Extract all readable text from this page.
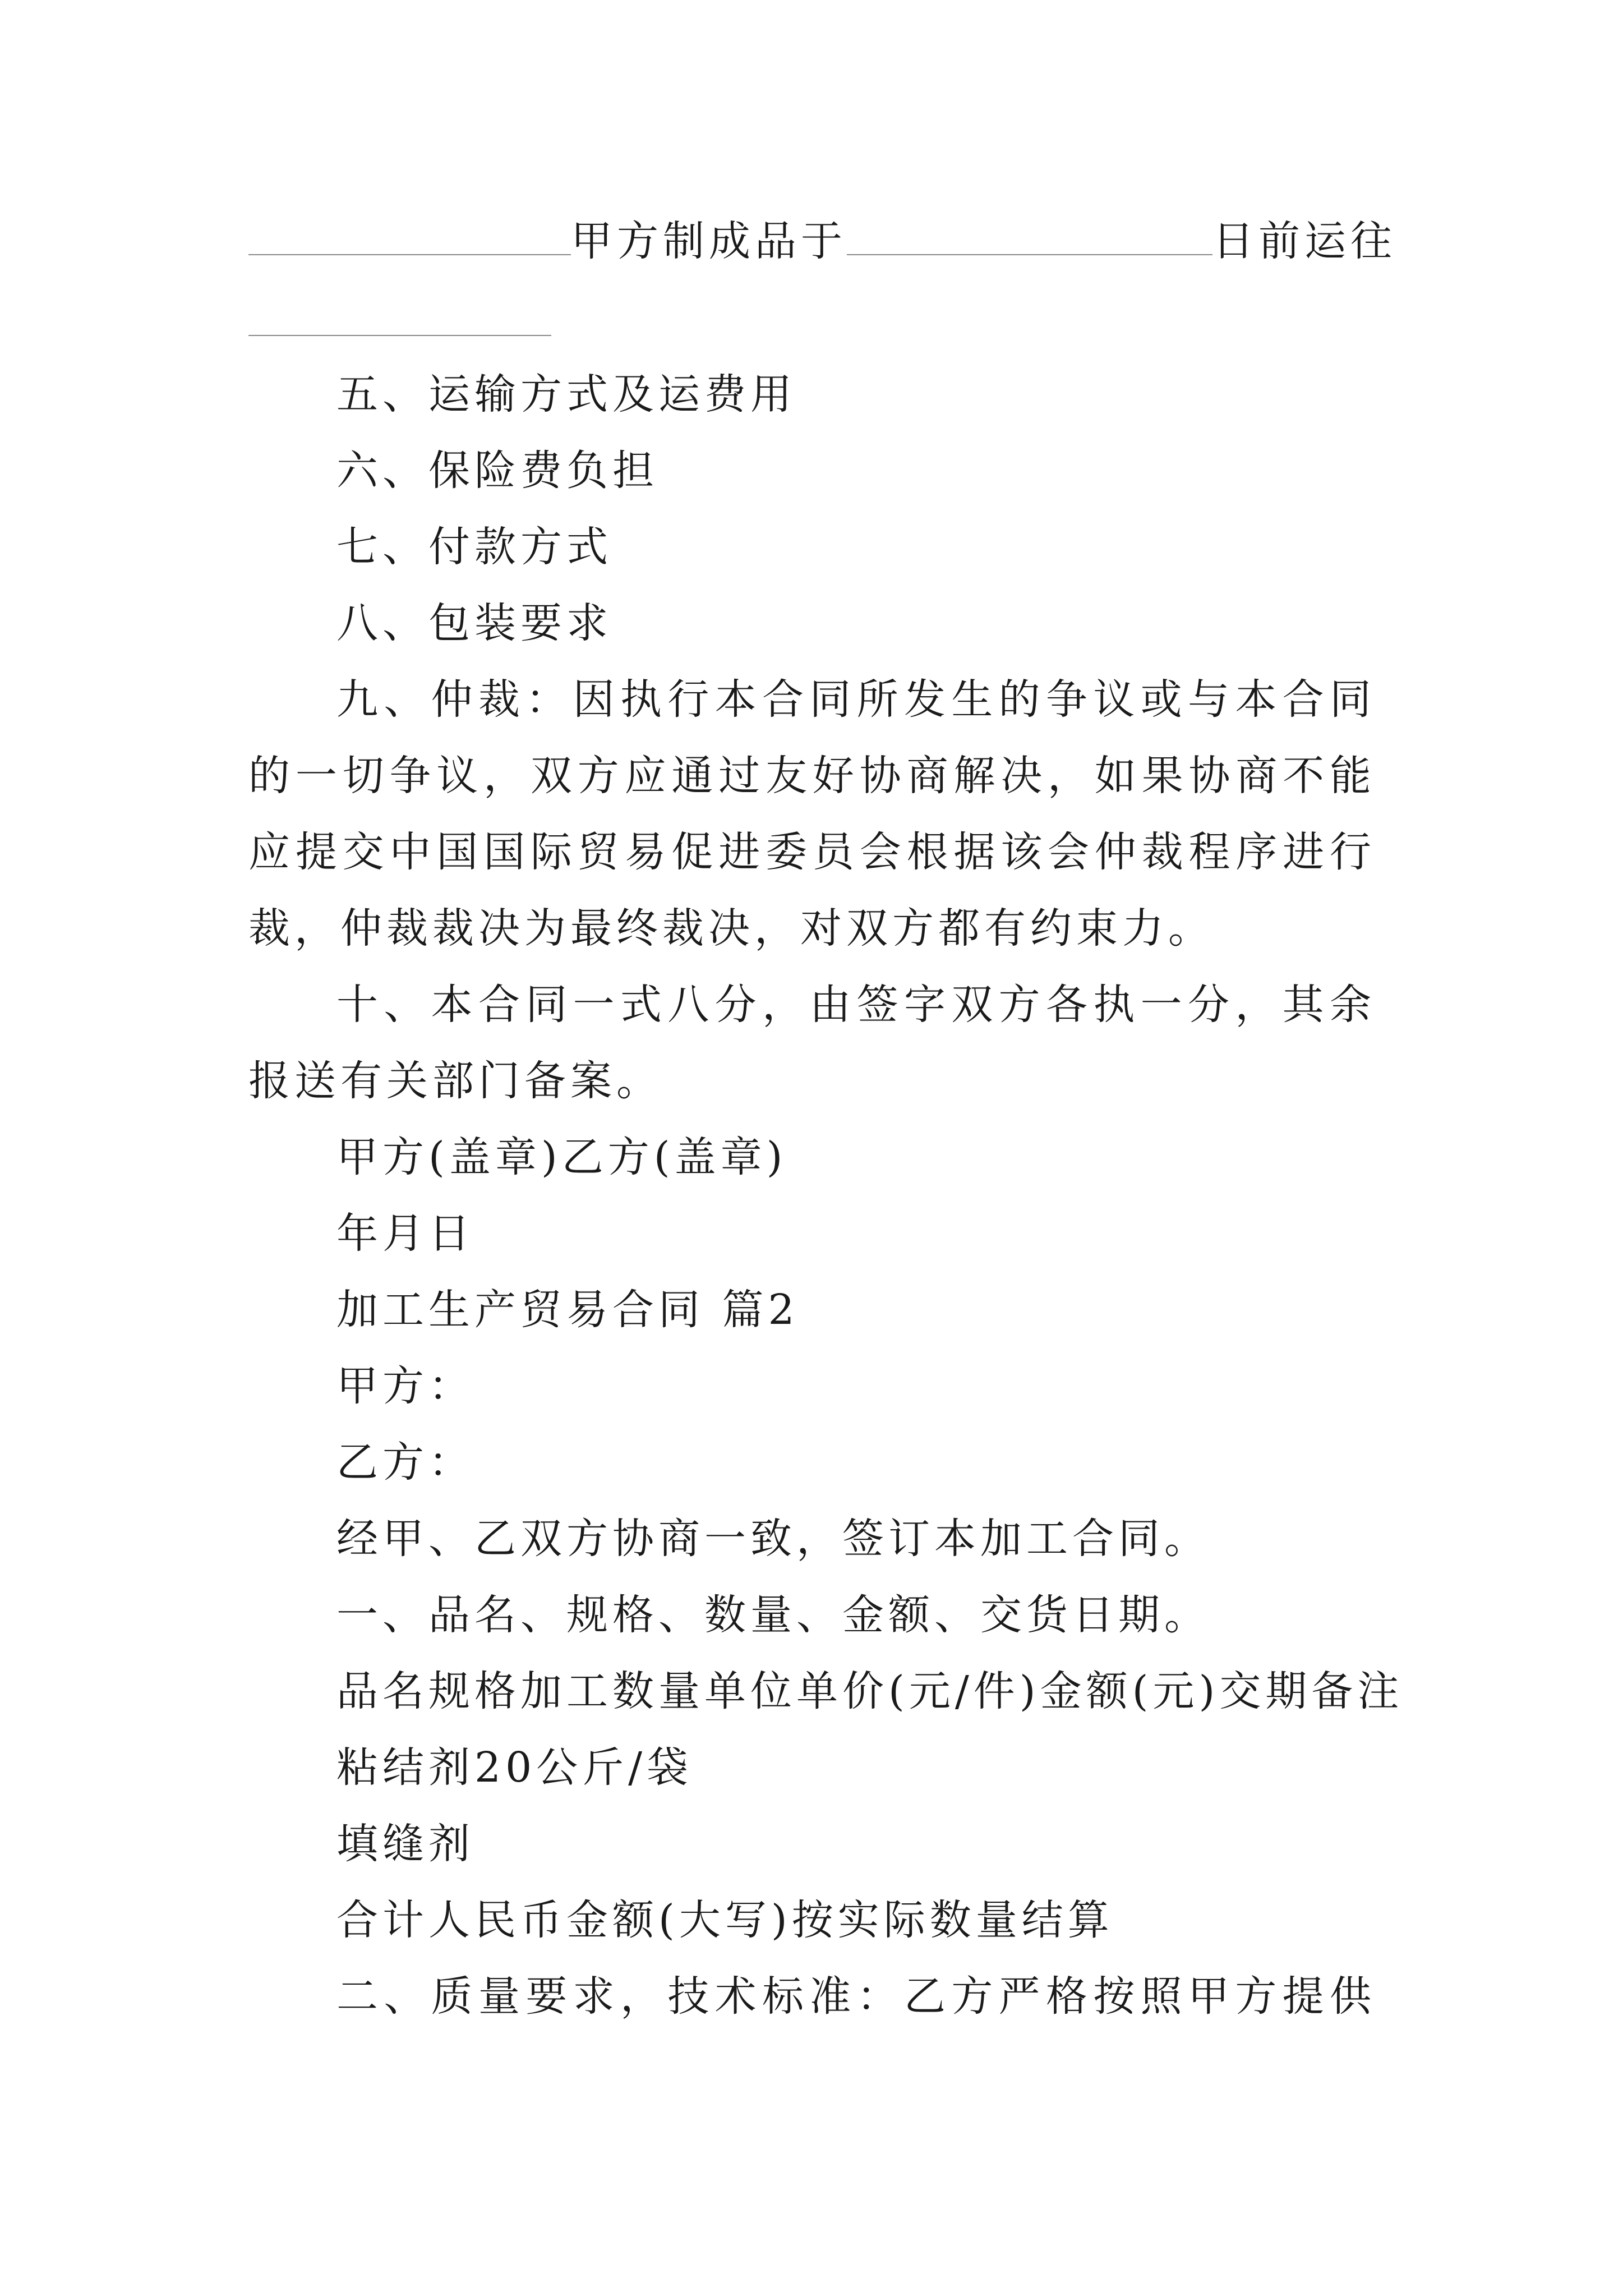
甲方制成品于	日前运往
五、运输方式及运费用
六、保险费负担
七、付款方式
八、包装要求
九、仲裁：因执行本合同所发生的争议或与本合同
的一切争议，双方应通过友好协商解决，如果协商不能
应提交中国国际贸易促进委员会根据该会仲裁程序进行
裁，仲裁裁决为最终裁决，对双方都有约束力。
十、本合同一式八分，由签字双方各执一分，其余
报送有关部门备案。
甲方(盖章)乙方(盖章)
年月日
加工生产贸易合同 篇2
甲方：
乙方：
经甲、乙双方协商一致，签订本加工合同。
一、品名、规格、数量、金额、交货日期。
品名规格加工数量单位单价(元/件)金额(元)交期备注
粘结剂20公斤/袋
填缝剂
合计人民币金额(大写)按实际数量结算
二、质量要求，技术标准：乙方严格按照甲方提供
